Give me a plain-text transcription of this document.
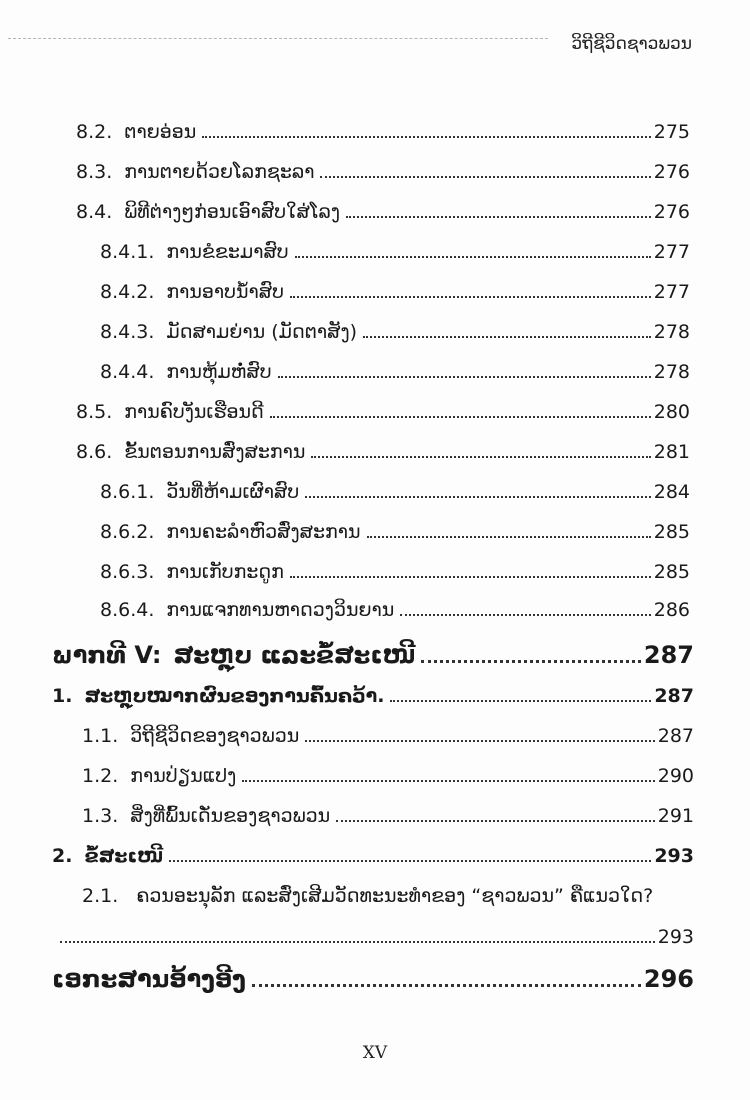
ວິຖີຊີວິດຊາວພວນ
8.2. ຕາຍອ່ອນ	275
8.3. ການຕາຍດ້ວຍໂລກຊະລາ	276
8.4. ພິທີຕ່າງໆກ່ອນເອົາສົບໃສ່ໂລງ	276
8.4.1. ການຂໍຂະມາສົບ	277
8.4.2. ການອາບນ້ຳສົບ	277
8.4.3. ມັດສາມຍ່ານ (ມັດຕາສັງ)	278
8.4.4. ການຫຸ້ມຫໍ່ສົບ	278
8.5. ການຄົບງັນເຮືອນດີ	280
8.6. ຂັ້ນຕອນການສົ່ງສະການ	281
8.6.1. ວັນທີ່ຫ້າມເຜົາສົບ	284
8.6.2. ການຄະລຳຫົວສົ່ງສະການ	285
8.6.3. ການເກັບກະດູກ	285
8.6.4. ການແຈກທານຫາດວງວິນຍານ	286
ພາກທີ V: ສະຫຼຸບ ແລະຂໍ້ສະເໜີ	287
1. ສະຫຼຸບໝາກຜົນຂອງການຄົ້ນຄວ້າ.	287
1.1. ວິຖີຊີວິດຂອງຊາວພວນ	287
1.2. ການປ່ຽນແປງ	290
1.3. ສິ່ງທີ່ພົ້ນເດັ່ນຂອງຊາວພວນ	291
2. ຂໍ້ສະເໜີ	293
2.1. ຄວນອະນຸລັກ ແລະສົ່ງເສີມວັດທະນະທຳຂອງ “ຊາວພວນ” ຄືແນວໃດ?
293
ເອກະສານອ້າງອີງ	296
XV
